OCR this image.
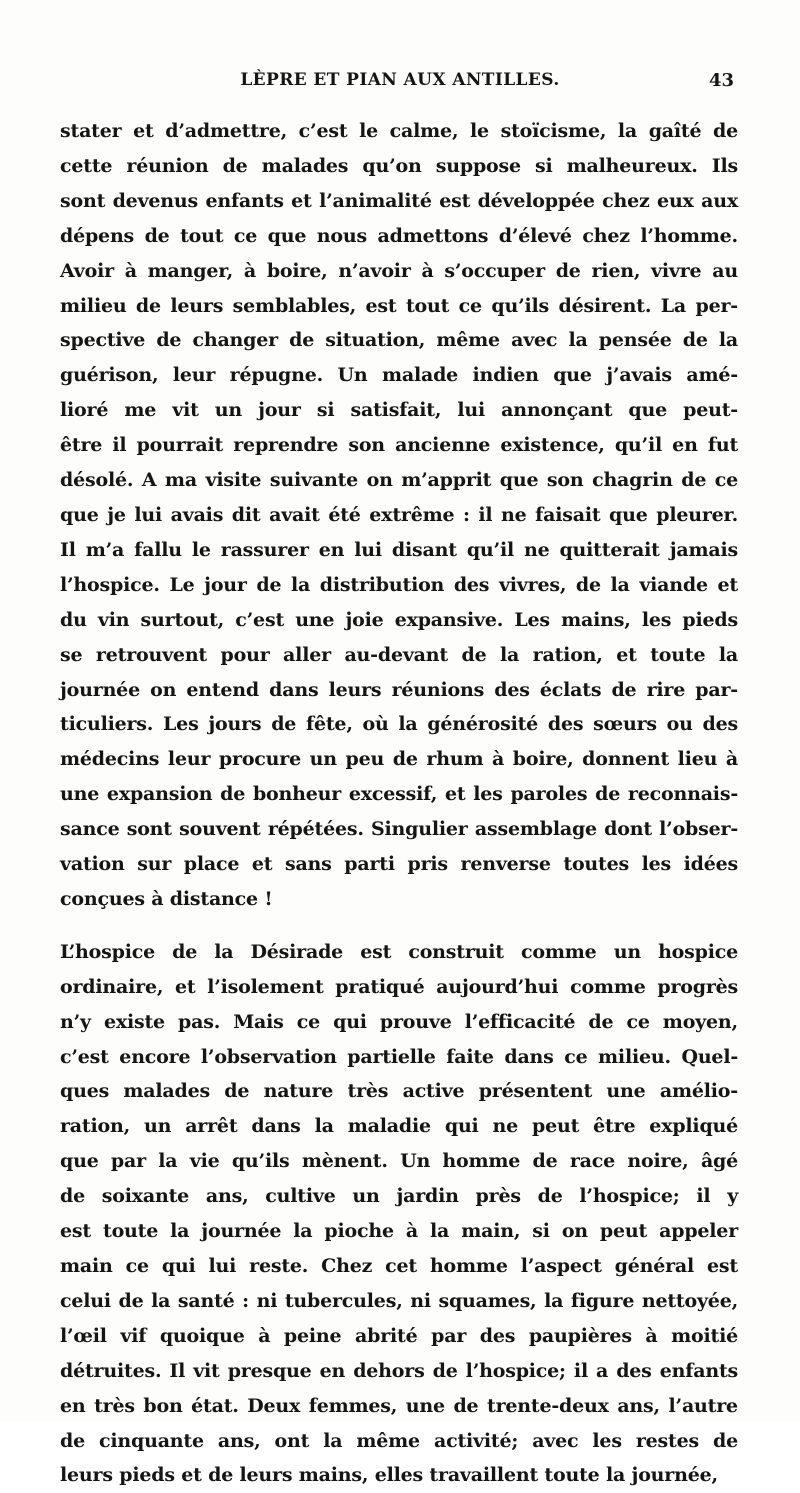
LÈPRE ET PIAN AUX ANTILLES.	43

stater et d’admettre, c’est le calme, le stoïcisme, la gaîté de
cette réunion de malades qu’on suppose si malheureux. Ils
sont devenus enfants et l’animalité est développée chez eux aux
dépens de tout ce que nous admettons d’élevé chez l’homme.
Avoir à manger, à boire, n’avoir à s’occuper de rien, vivre au
milieu de leurs semblables, est tout ce qu’ils désirent. La per-
spective de changer de situation, même avec la pensée de la
guérison, leur répugne. Un malade indien que j’avais amé-
lioré me vit un jour si satisfait, lui annonçant que peut-
être il pourrait reprendre son ancienne existence, qu’il en fut
désolé. A ma visite suivante on m’apprit que son chagrin de ce
que je lui avais dit avait été extrême : il ne faisait que pleurer.
Il m’a fallu le rassurer en lui disant qu’il ne quitterait jamais
l’hospice. Le jour de la distribution des vivres, de la viande et
du vin surtout, c’est une joie expansive. Les mains, les pieds
se retrouvent pour aller au-devant de la ration, et toute la
journée on entend dans leurs réunions des éclats de rire par-
ticuliers. Les jours de fête, où la générosité des sœurs ou des
médecins leur procure un peu de rhum à boire, donnent lieu à
une expansion de bonheur excessif, et les paroles de reconnais-
sance sont souvent répétées. Singulier assemblage dont l’obser-
vation sur place et sans parti pris renverse toutes les idées
conçues à distance !

L’hospice de la Désirade est construit comme un hospice
ordinaire, et l’isolement pratiqué aujourd’hui comme progrès
n’y existe pas. Mais ce qui prouve l’efficacité de ce moyen,
c’est encore l’observation partielle faite dans ce milieu. Quel-
ques malades de nature très active présentent une amélio-
ration, un arrêt dans la maladie qui ne peut être expliqué
que par la vie qu’ils mènent. Un homme de race noire, âgé
de soixante ans, cultive un jardin près de l’hospice; il y
est toute la journée la pioche à la main, si on peut appeler
main ce qui lui reste. Chez cet homme l’aspect général est
celui de la santé : ni tubercules, ni squames, la figure nettoyée,
l’œil vif quoique à peine abrité par des paupières à moitié
détruites. Il vit presque en dehors de l’hospice; il a des enfants
en très bon état. Deux femmes, une de trente-deux ans, l’autre
de cinquante ans, ont la même activité; avec les restes de
leurs pieds et de leurs mains, elles travaillent toute la journée,
